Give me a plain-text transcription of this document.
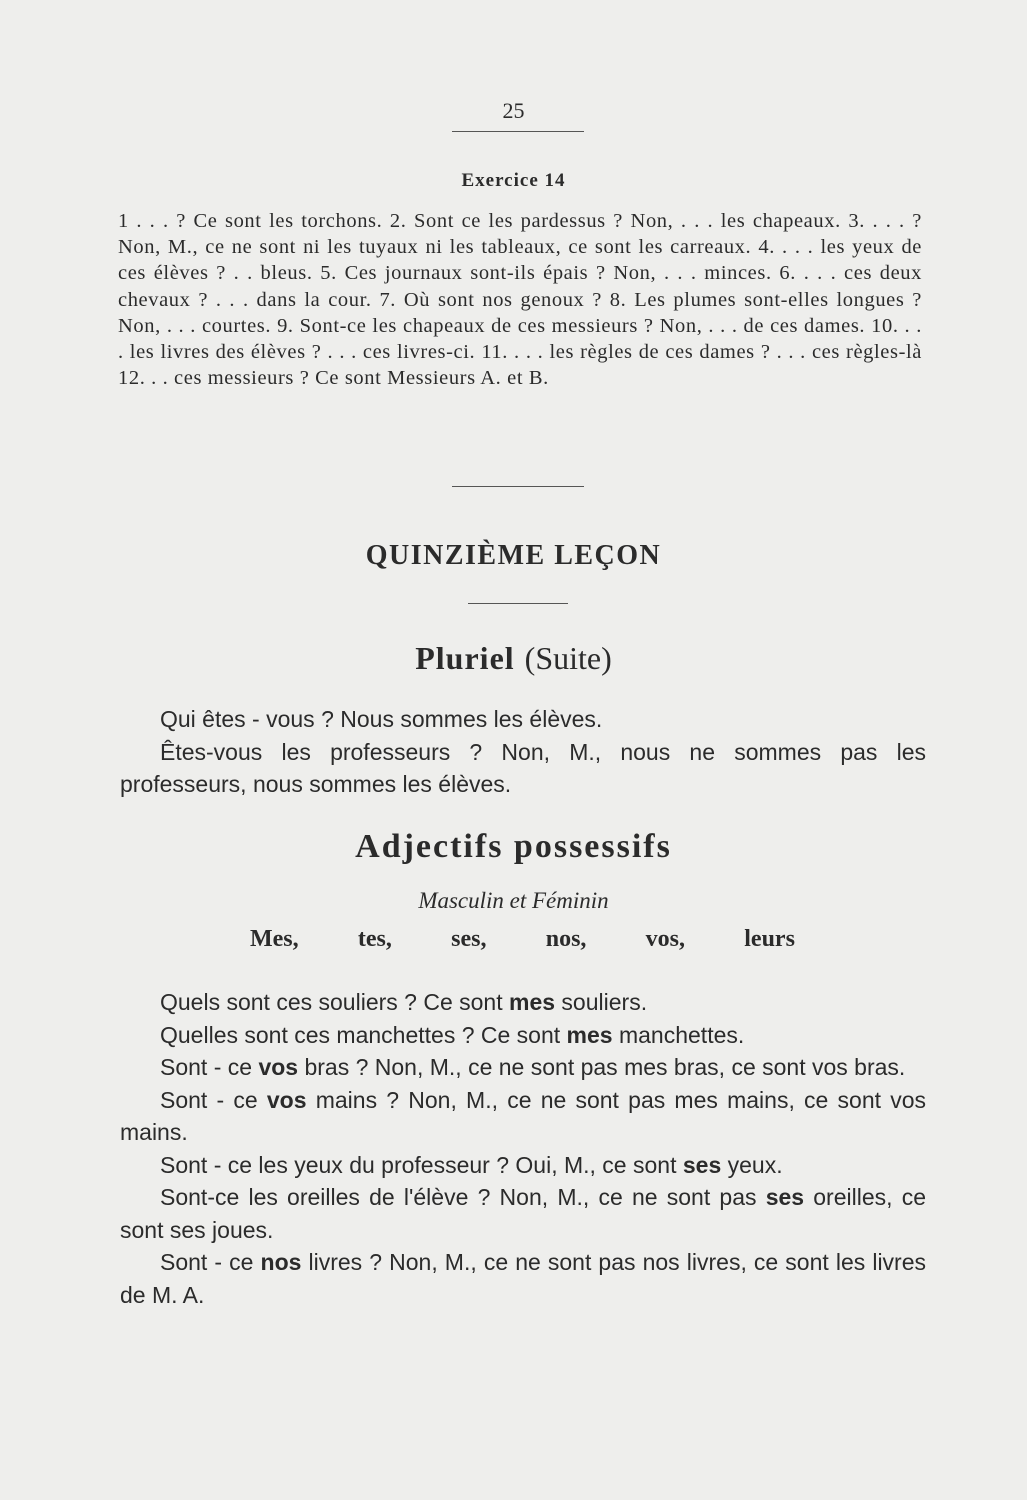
25
Exercice 14

1 . . . ? Ce sont les torchons. 2. Sont ce les pardessus ? Non, . . . les chapeaux. 3. . . . ? Non, M., ce ne sont ni les tuyaux ni les tableaux, ce sont les carreaux. 4. . . . les yeux de ces élèves ? . . bleus. 5. Ces journaux sont-ils épais ? Non, . . . minces. 6. . . . ces deux chevaux ? . . . dans la cour. 7. Où sont nos genoux ? 8. Les plumes sont-elles longues ? Non, . . . courtes. 9. Sont-ce les chapeaux de ces messieurs ? Non, . . . de ces dames. 10. . . . les livres des élèves ? . . . ces livres-ci. 11. . . . les règles de ces dames ? . . . ces règles-là 12. . . ces messieurs ? Ce sont Messieurs A. et B.

QUINZIÈME LEÇON
Pluriel (Suite)

Qui êtes - vous ? Nous sommes les élèves.

Êtes-vous les professeurs ? Non, M., nous ne sommes pas les professeurs, nous sommes les élèves.

Adjectifs possessifs
Masculin et Féminin
Mes, tes, ses, nos, vos, leurs

Quels sont ces souliers ? Ce sont mes souliers.

Quelles sont ces manchettes ? Ce sont mes manchettes.

Sont - ce vos bras ? Non, M., ce ne sont pas mes bras, ce sont vos bras.

Sont - ce vos mains ? Non, M., ce ne sont pas mes mains, ce sont vos mains.

Sont - ce les yeux du professeur ? Oui, M., ce sont ses yeux.

Sont-ce les oreilles de l'élève ? Non, M., ce ne sont pas ses oreilles, ce sont ses joues.

Sont - ce nos livres ? Non, M., ce ne sont pas nos livres, ce sont les livres de M. A.
